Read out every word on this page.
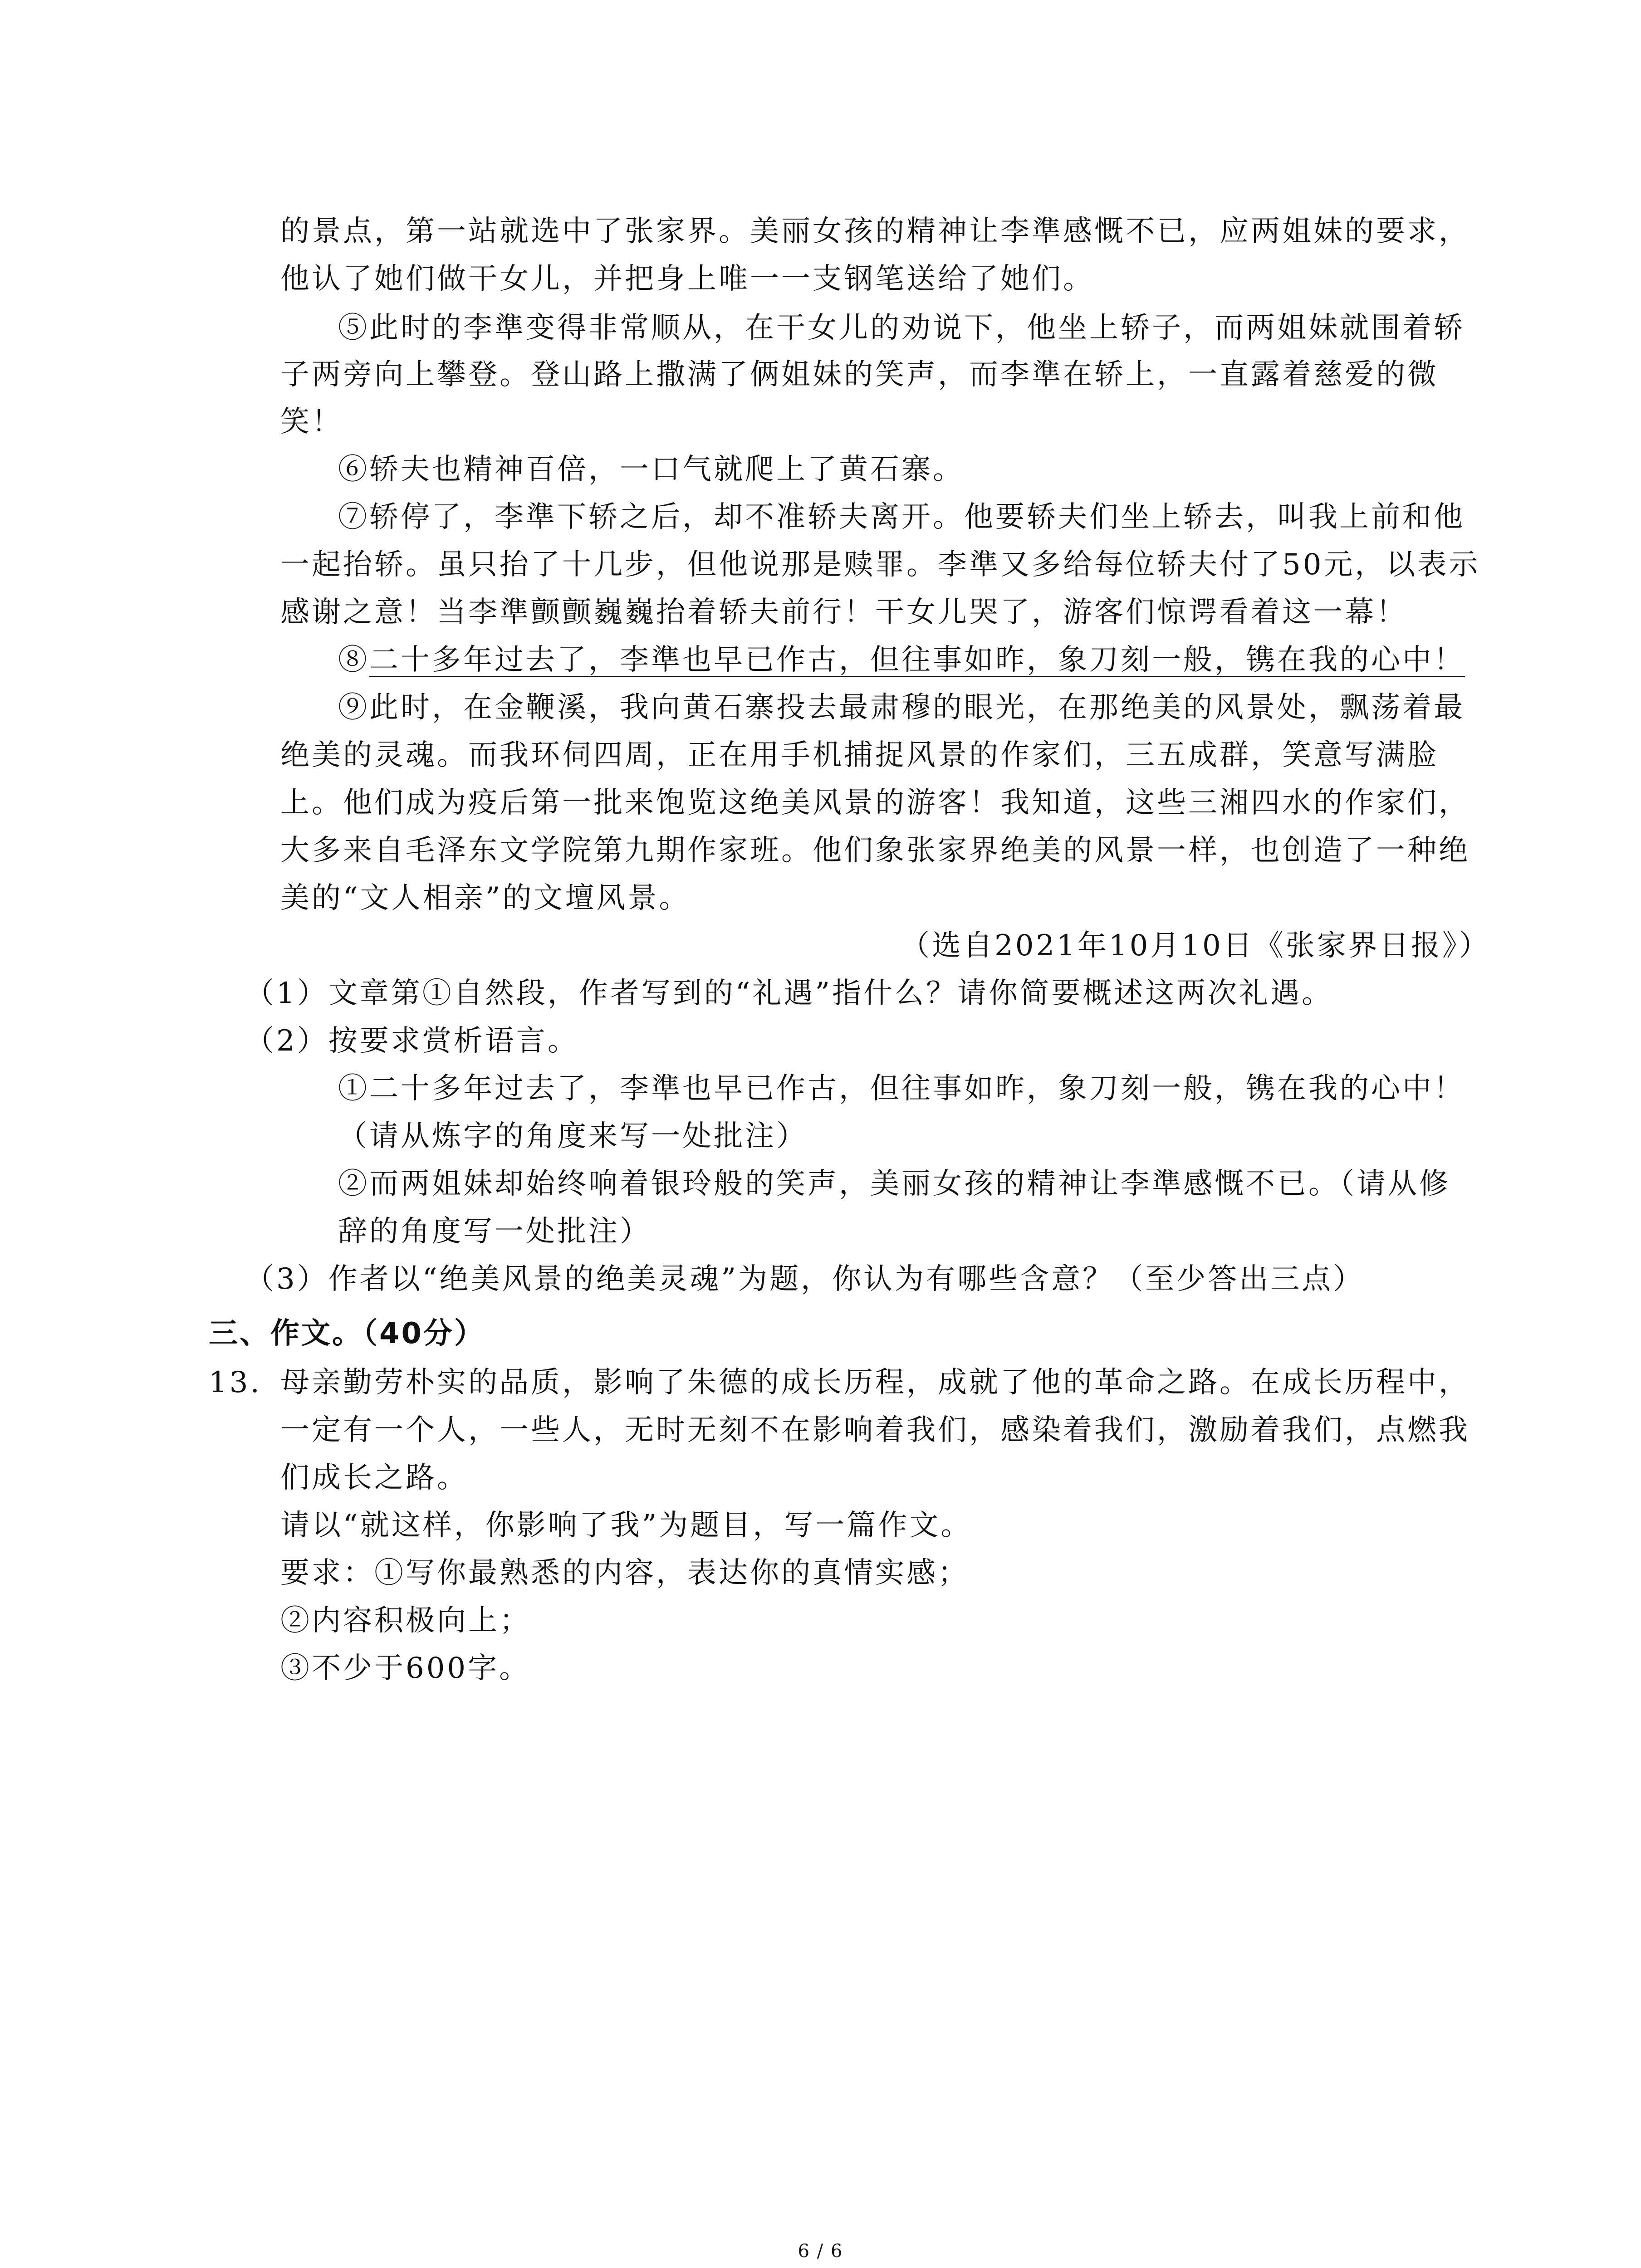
的景点，第一站就选中了张家界。美丽女孩的精神让李準感慨不已，应两姐妹的要求，
他认了她们做干女儿，并把身上唯一一支钢笔送给了她们。
⑤此时的李準变得非常顺从，在干女儿的劝说下，他坐上轿子，而两姐妹就围着轿
子两旁向上攀登。登山路上撒满了俩姐妹的笑声，而李準在轿上，一直露着慈爱的微
笑！
⑥轿夫也精神百倍，一口气就爬上了黄石寨。
⑦轿停了，李準下轿之后，却不准轿夫离开。他要轿夫们坐上轿去，叫我上前和他
一起抬轿。虽只抬了十几步，但他说那是赎罪。李準又多给每位轿夫付了50元，以表示
感谢之意！当李準颤颤巍巍抬着轿夫前行！干女儿哭了，游客们惊谔看着这一幕！
⑧二十多年过去了，李準也早已作古，但往事如昨，象刀刻一般，镌在我的心中！
⑨此时，在金鞭溪，我向黄石寨投去最肃穆的眼光，在那绝美的风景处，飘荡着最
绝美的灵魂。而我环伺四周，正在用手机捕捉风景的作家们，三五成群，笑意写满脸
上。他们成为疫后第一批来饱览这绝美风景的游客！我知道，这些三湘四水的作家们，
大多来自毛泽东文学院第九期作家班。他们象张家界绝美的风景一样，也创造了一种绝
美的“文人相亲”的文壇风景。
（选自2021年10月10日《张家界日报》）
（1）文章第①自然段，作者写到的“礼遇”指什么？请你简要概述这两次礼遇。
（2）按要求赏析语言。
①二十多年过去了，李準也早已作古，但往事如昨，象刀刻一般，镌在我的心中！
（请从炼字的角度来写一处批注）
②而两姐妹却始终响着银玲般的笑声，美丽女孩的精神让李準感慨不已。（请从修
辞的角度写一处批注）
（3）作者以“绝美风景的绝美灵魂”为题，你认为有哪些含意？（至少答出三点）
三、作文。（40分）
13. 母亲勤劳朴实的品质，影响了朱德的成长历程，成就了他的革命之路。在成长历程中，
一定有一个人，一些人，无时无刻不在影响着我们，感染着我们，激励着我们，点燃我
们成长之路。
请以“就这样，你影响了我”为题目，写一篇作文。
要求：①写你最熟悉的内容，表达你的真情实感；
②内容积极向上；
③不少于600字。
6 / 6
